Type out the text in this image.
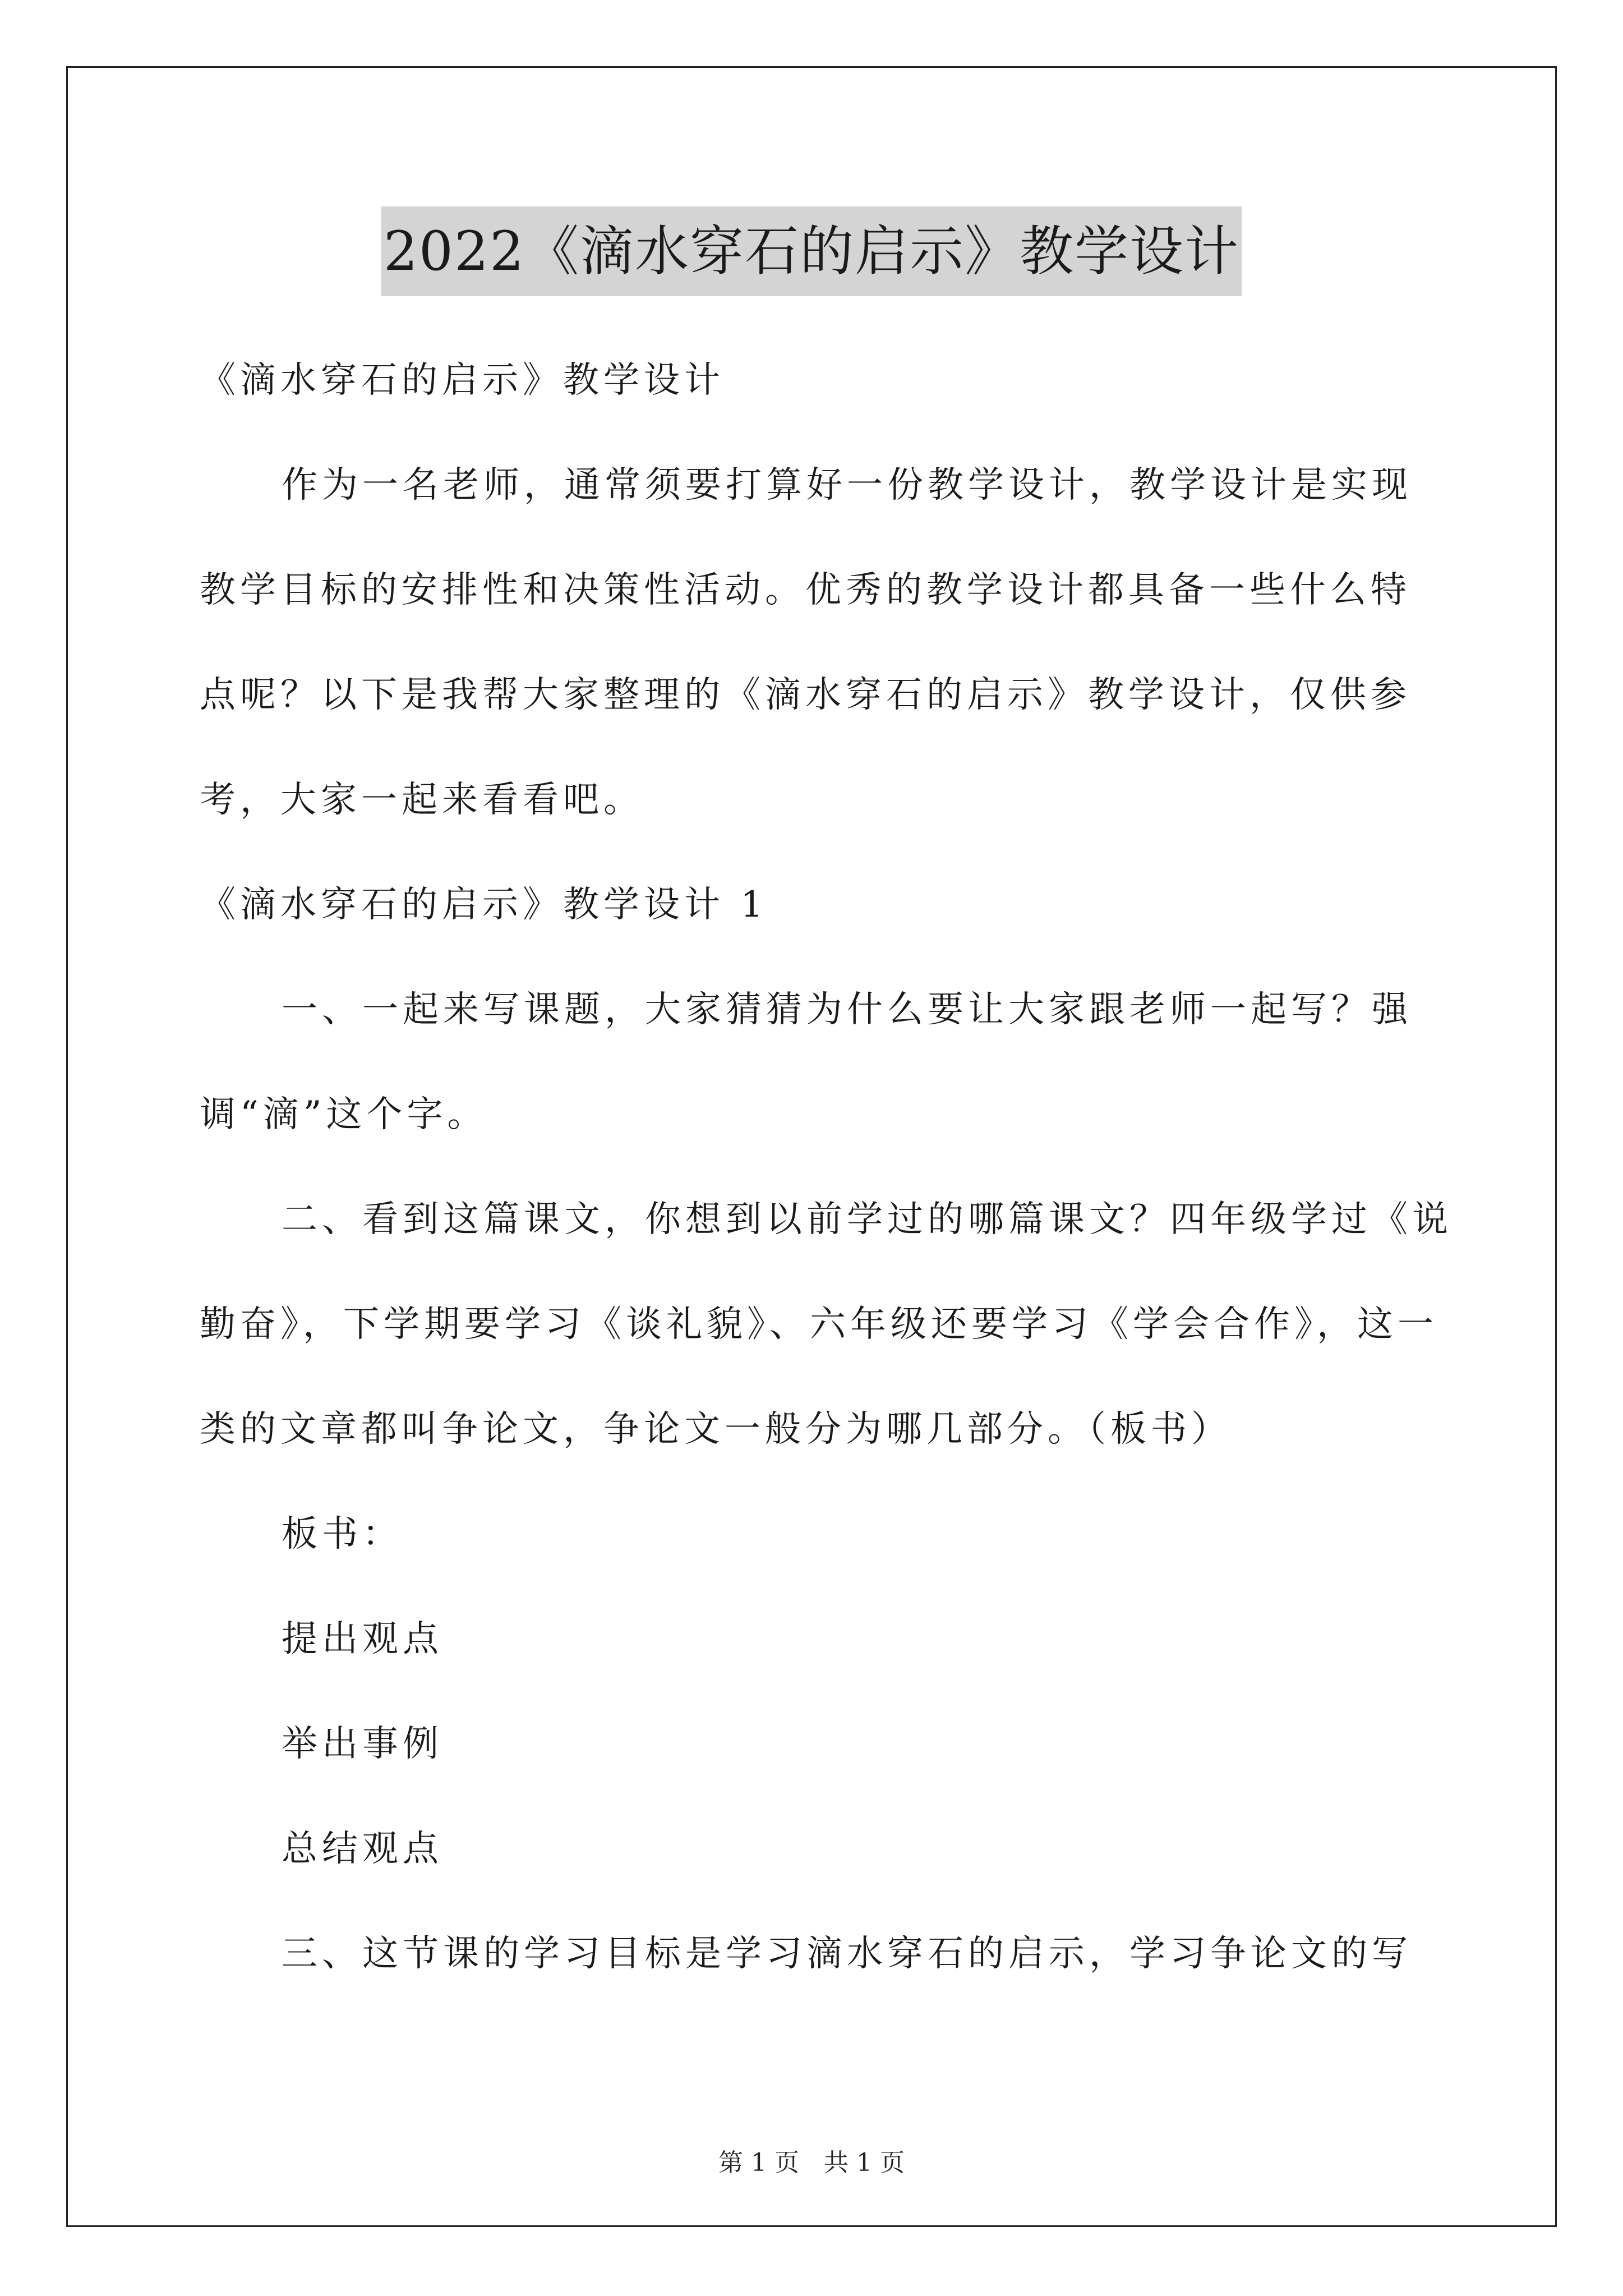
2022《滴水穿石的启示》教学设计
《滴水穿石的启示》教学设计
作为一名老师，通常须要打算好一份教学设计，教学设计是实现
教学目标的安排性和决策性活动。优秀的教学设计都具备一些什么特
点呢？以下是我帮大家整理的《滴水穿石的启示》教学设计，仅供参
考，大家一起来看看吧。
《滴水穿石的启示》教学设计 1
一、一起来写课题，大家猜猜为什么要让大家跟老师一起写？强
调“滴”这个字。
二、看到这篇课文，你想到以前学过的哪篇课文？四年级学过《说
勤奋》，下学期要学习《谈礼貌》、六年级还要学习《学会合作》，这一
类的文章都叫争论文，争论文一般分为哪几部分。（板书）
板书：
提出观点
举出事例
总结观点
三、这节课的学习目标是学习滴水穿石的启示，学习争论文的写
第 1 页　共 1 页
